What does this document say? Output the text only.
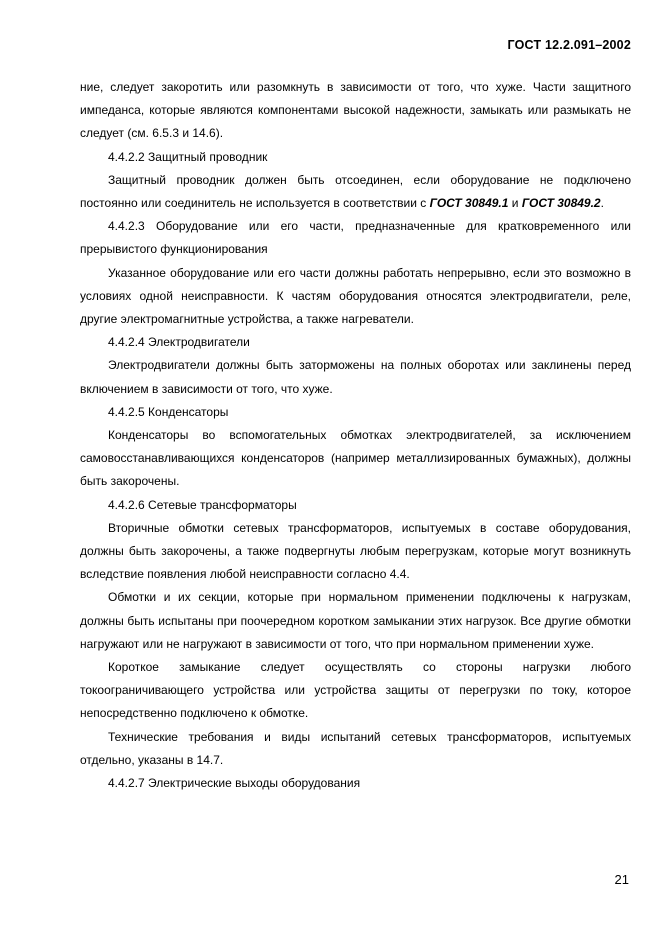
ГОСТ 12.2.091–2002

ние, следует закоротить или разомкнуть в зависимости от того, что хуже. Части защитного импеданса, которые являются компонентами высокой надежности, замыкать или размыкать не следует (см. 6.5.3 и 14.6).

4.4.2.2 Защитный проводник

Защитный проводник должен быть отсоединен, если оборудование не подключено постоянно или соединитель не используется в соответствии с ГОСТ 30849.1 и ГОСТ 30849.2.

4.4.2.3 Оборудование или его части, предназначенные для кратковременного или прерывистого функционирования

Указанное оборудование или его части должны работать непрерывно, если это возможно в условиях одной неисправности. К частям оборудования относятся электродвигатели, реле, другие электромагнитные устройства, а также нагреватели.

4.4.2.4 Электродвигатели

Электродвигатели должны быть заторможены на полных оборотах или заклинены перед включением в зависимости от того, что хуже.

4.4.2.5 Конденсаторы

Конденсаторы во вспомогательных обмотках электродвигателей, за исключением самовосстанавливающихся конденсаторов (например металлизированных бумажных), должны быть закорочены.

4.4.2.6 Сетевые трансформаторы

Вторичные обмотки сетевых трансформаторов, испытуемых в составе оборудования, должны быть закорочены, а также подвергнуты любым перегрузкам, которые могут возникнуть вследствие появления любой неисправности согласно 4.4.

Обмотки и их секции, которые при нормальном применении подключены к нагрузкам, должны быть испытаны при поочередном коротком замыкании этих нагрузок. Все другие обмотки нагружают или не нагружают в зависимости от того, что при нормальном применении хуже.

Короткое замыкание следует осуществлять со стороны нагрузки любого токоограничивающего устройства или устройства защиты от перегрузки по току, которое непосредственно подключено к обмотке.

Технические требования и виды испытаний сетевых трансформаторов, испытуемых отдельно, указаны в 14.7.

4.4.2.7 Электрические выходы оборудования

21
